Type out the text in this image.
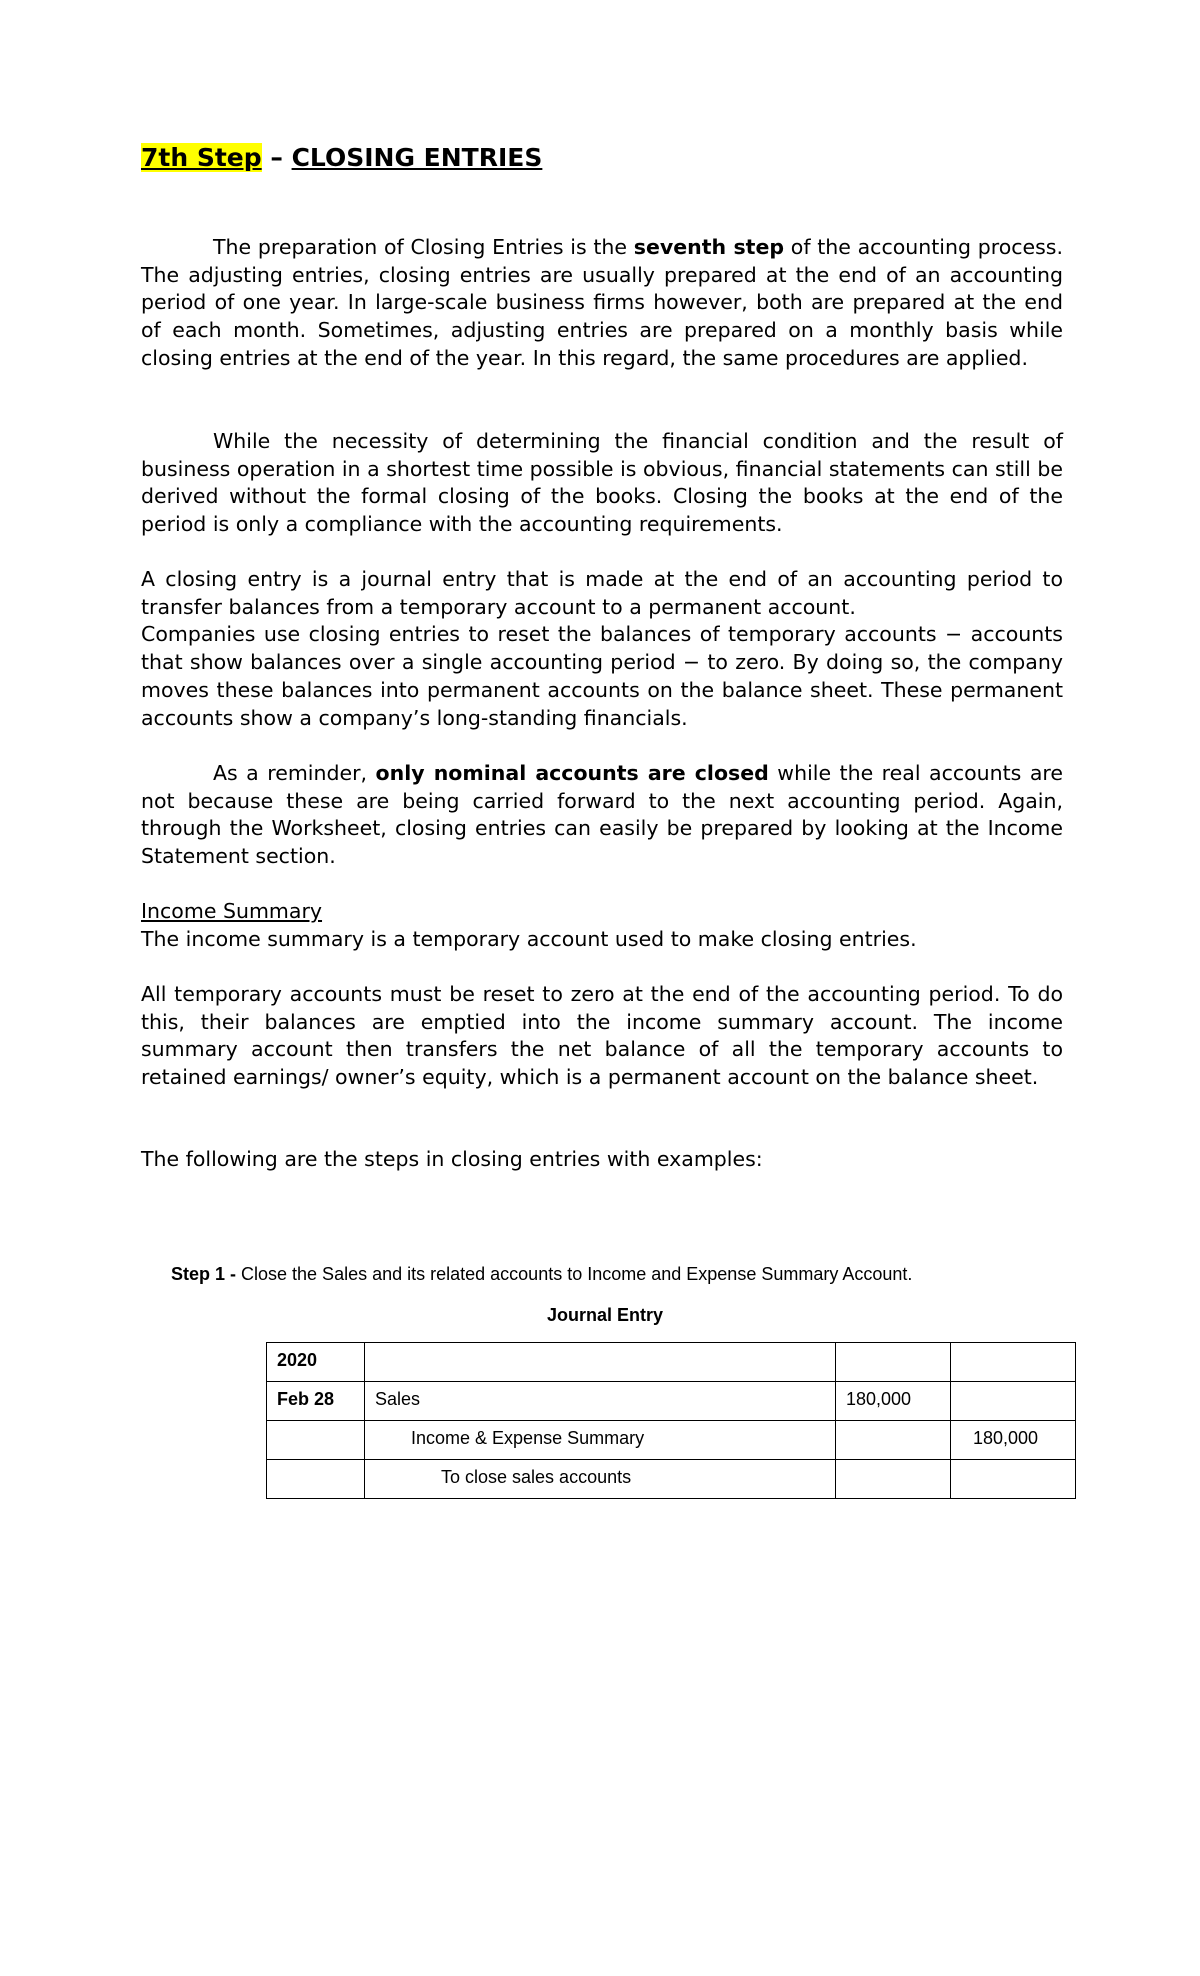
7th Step – CLOSING ENTRIES
The preparation of Closing Entries is the seventh step of the accounting process. The adjusting entries, closing entries are usually prepared at the end of an accounting period of one year. In large-scale business firms however, both are prepared at the end of each month. Sometimes, adjusting entries are prepared on a monthly basis while closing entries at the end of the year. In this regard, the same procedures are applied.
While the necessity of determining the financial condition and the result of business operation in a shortest time possible is obvious, financial statements can still be derived without the formal closing of the books. Closing the books at the end of the period is only a compliance with the accounting requirements.
A closing entry is a journal entry that is made at the end of an accounting period to transfer balances from a temporary account to a permanent account.
Companies use closing entries to reset the balances of temporary accounts − accounts that show balances over a single accounting period − to zero. By doing so, the company moves these balances into permanent accounts on the balance sheet. These permanent accounts show a company’s long-standing financials.
As a reminder, only nominal accounts are closed while the real accounts are not because these are being carried forward to the next accounting period. Again, through the Worksheet, closing entries can easily be prepared by looking at the Income Statement section.
Income Summary
The income summary is a temporary account used to make closing entries.
All temporary accounts must be reset to zero at the end of the accounting period. To do this, their balances are emptied into the income summary account. The income summary account then transfers the net balance of all the temporary accounts to retained earnings/ owner’s equity, which is a permanent account on the balance sheet.
The following are the steps in closing entries with examples:
Step 1 - Close the Sales and its related accounts to Income and Expense Summary Account.
Journal Entry
2020			
Feb 28	Sales	180,000	
	Income & Expense Summary		180,000
	To close sales accounts		
